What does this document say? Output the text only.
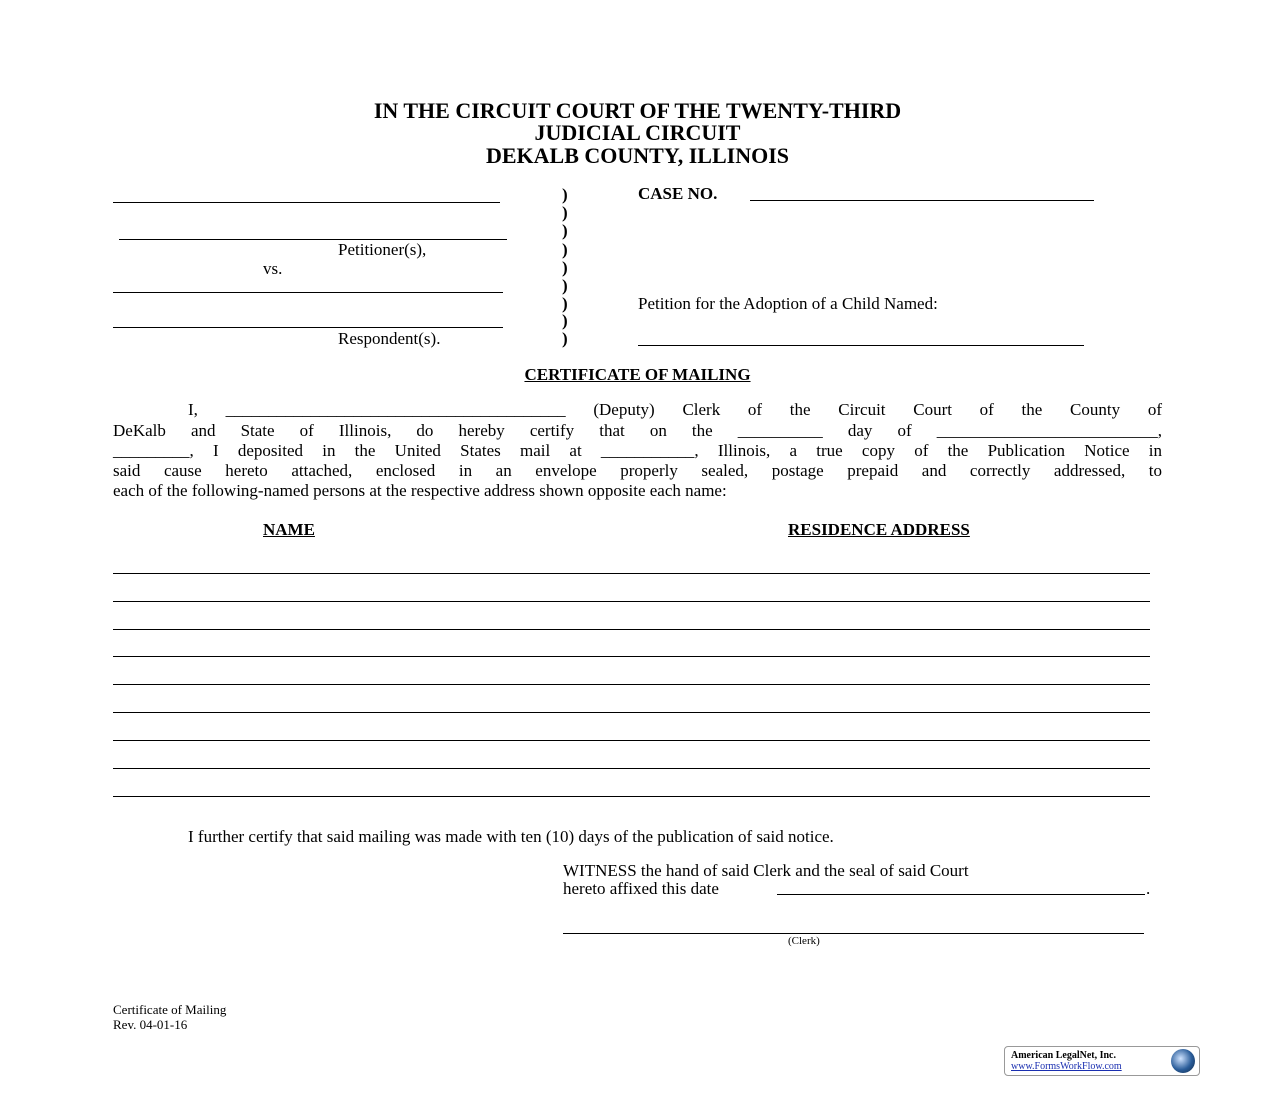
IN THE CIRCUIT COURT OF THE TWENTY-THIRD
JUDICIAL CIRCUIT
DEKALB COUNTY, ILLINOIS
Petitioner(s),
vs.
Respondent(s).
)
)
)
)
)
)
)
)
)
CASE NO.
Petition for the Adoption of a Child Named:
CERTIFICATE OF MAILING
I, ________________________________________ (Deputy) Clerk of the Circuit Court of the County of
DeKalb and State of Illinois, do hereby certify that on the __________ day of __________________________,
_________, I deposited in the United States mail at ___________, Illinois, a true copy of the Publication Notice in
said cause hereto attached, enclosed in an envelope properly sealed, postage prepaid and correctly addressed, to
each of the following-named persons at the respective address shown opposite each name:
NAME	RESIDENCE ADDRESS
I further certify that said mailing was made with ten (10) days of the publication of said notice.
WITNESS the hand of said Clerk and the seal of said Court
hereto affixed this date	.
(Clerk)
Certificate of Mailing
Rev. 04-01-16
American LegalNet, Inc.
www.FormsWorkFlow.com
